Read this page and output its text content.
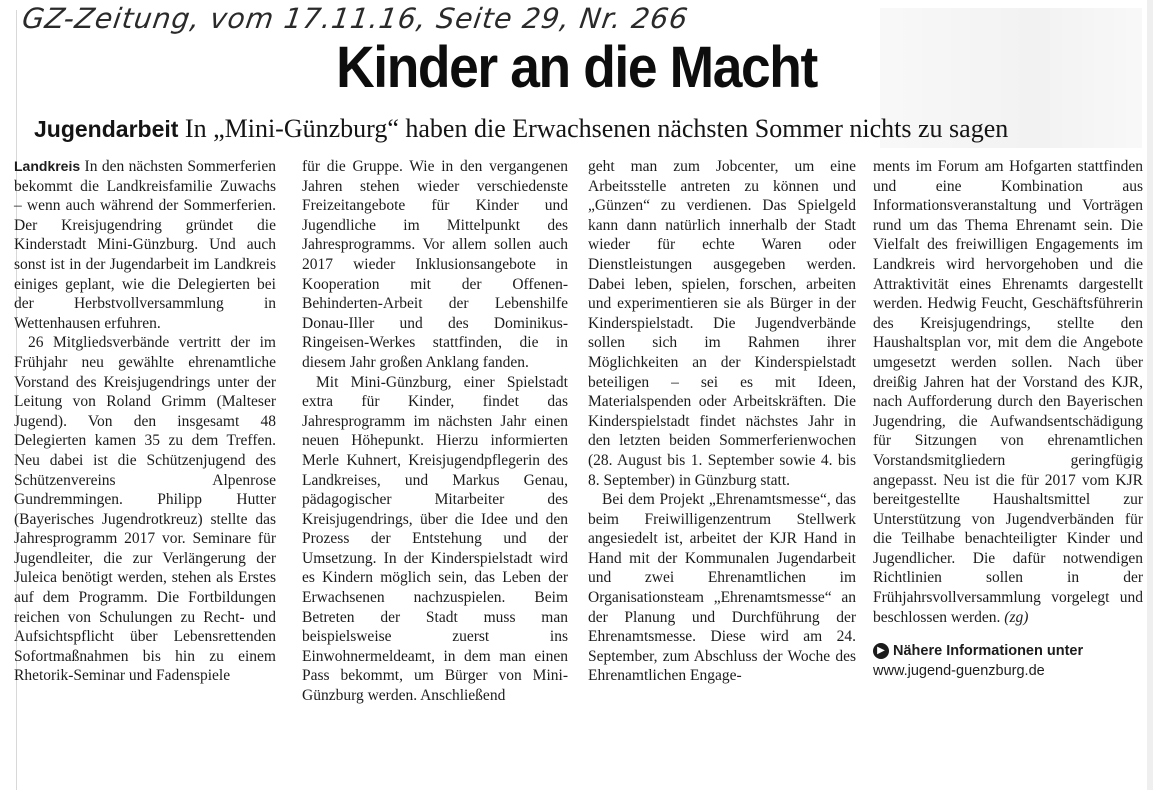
GZ-Zeitung, vom 17.11.16, Seite 29, Nr. 266
Kinder an die Macht
Jugendarbeit In „Mini-Günzburg“ haben die Erwachsenen nächsten Sommer nichts zu sagen

Landkreis In den nächsten Sommerferien bekommt die Landkreisfamilie Zuwachs – wenn auch während der Sommerferien. Der Kreisjugendring gründet die Kinderstadt Mini-Günzburg. Und auch sonst ist in der Jugendarbeit im Landkreis einiges geplant, wie die Delegierten bei der Herbstvollversammlung in Wettenhausen erfuhren.

26 Mitgliedsverbände vertritt der im Frühjahr neu gewählte ehrenamtliche Vorstand des Kreisjugendrings unter der Leitung von Roland Grimm (Malteser Jugend). Von den insgesamt 48 Delegierten kamen 35 zu dem Treffen. Neu dabei ist die Schützenjugend des Schützenvereins Alpenrose Gundremmingen. Philipp Hutter (Bayerisches Jugendrotkreuz) stellte das Jahresprogramm 2017 vor. Seminare für Jugendleiter, die zur Verlängerung der Juleica benötigt werden, stehen als Erstes auf dem Programm. Die Fortbildungen reichen von Schulungen zu Recht- und Aufsichtspflicht über Lebensrettenden Sofortmaßnahmen bis hin zu einem Rhetorik-Seminar und Fadenspiele

für die Gruppe. Wie in den vergangenen Jahren stehen wieder verschiedenste Freizeitangebote für Kinder und Jugendliche im Mittelpunkt des Jahresprogramms. Vor allem sollen auch 2017 wieder Inklusionsangebote in Kooperation mit der Offenen-Behinderten-Arbeit der Lebenshilfe Donau-Iller und des Dominikus-Ringeisen-Werkes stattfinden, die in diesem Jahr großen Anklang fanden.

Mit Mini-Günzburg, einer Spielstadt extra für Kinder, findet das Jahresprogramm im nächsten Jahr einen neuen Höhepunkt. Hierzu informierten Merle Kuhnert, Kreisjugendpflegerin des Landkreises, und Markus Genau, pädagogischer Mitarbeiter des Kreisjugendrings, über die Idee und den Prozess der Entstehung und der Umsetzung. In der Kinderspielstadt wird es Kindern möglich sein, das Leben der Erwachsenen nachzuspielen. Beim Betreten der Stadt muss man beispielsweise zuerst ins Einwohnermeldeamt, in dem man einen Pass bekommt, um Bürger von Mini-Günzburg werden. Anschließend

geht man zum Jobcenter, um eine Arbeitsstelle antreten zu können und „Günzen“ zu verdienen. Das Spielgeld kann dann natürlich innerhalb der Stadt wieder für echte Waren oder Dienstleistungen ausgegeben werden. Dabei leben, spielen, forschen, arbeiten und experimentieren sie als Bürger in der Kinderspielstadt. Die Jugendverbände sollen sich im Rahmen ihrer Möglichkeiten an der Kinderspielstadt beteiligen – sei es mit Ideen, Materialspenden oder Arbeitskräften. Die Kinderspielstadt findet nächstes Jahr in den letzten beiden Sommerferienwochen (28. August bis 1. September sowie 4. bis 8. September) in Günzburg statt.

Bei dem Projekt „Ehrenamtsmesse“, das beim Freiwilligenzentrum Stellwerk angesiedelt ist, arbeitet der KJR Hand in Hand mit der Kommunalen Jugendarbeit und zwei Ehrenamtlichen im Organisationsteam „Ehrenamtsmesse“ an der Planung und Durchführung der Ehrenamtsmesse. Diese wird am 24. September, zum Abschluss der Woche des Ehrenamtlichen Engage-

ments im Forum am Hofgarten stattfinden und eine Kombination aus Informationsveranstaltung und Vorträgen rund um das Thema Ehrenamt sein. Die Vielfalt des freiwilligen Engagements im Landkreis wird hervorgehoben und die Attraktivität eines Ehrenamts dargestellt werden. Hedwig Feucht, Geschäftsführerin des Kreisjugendrings, stellte den Haushaltsplan vor, mit dem die Angebote umgesetzt werden sollen. Nach über dreißig Jahren hat der Vorstand des KJR, nach Aufforderung durch den Bayerischen Jugendring, die Aufwandsentschädigung für Sitzungen von ehrenamtlichen Vorstandsmitgliedern geringfügig angepasst. Neu ist die für 2017 vom KJR bereitgestellte Haushaltsmittel zur Unterstützung von Jugendverbänden für die Teilhabe benachteiligter Kinder und Jugendlicher. Die dafür notwendigen Richtlinien sollen in der Frühjahrsvollversammlung vorgelegt und beschlossen werden. (zg)

▶ Nähere Informationen unter
www.jugend-guenzburg.de
